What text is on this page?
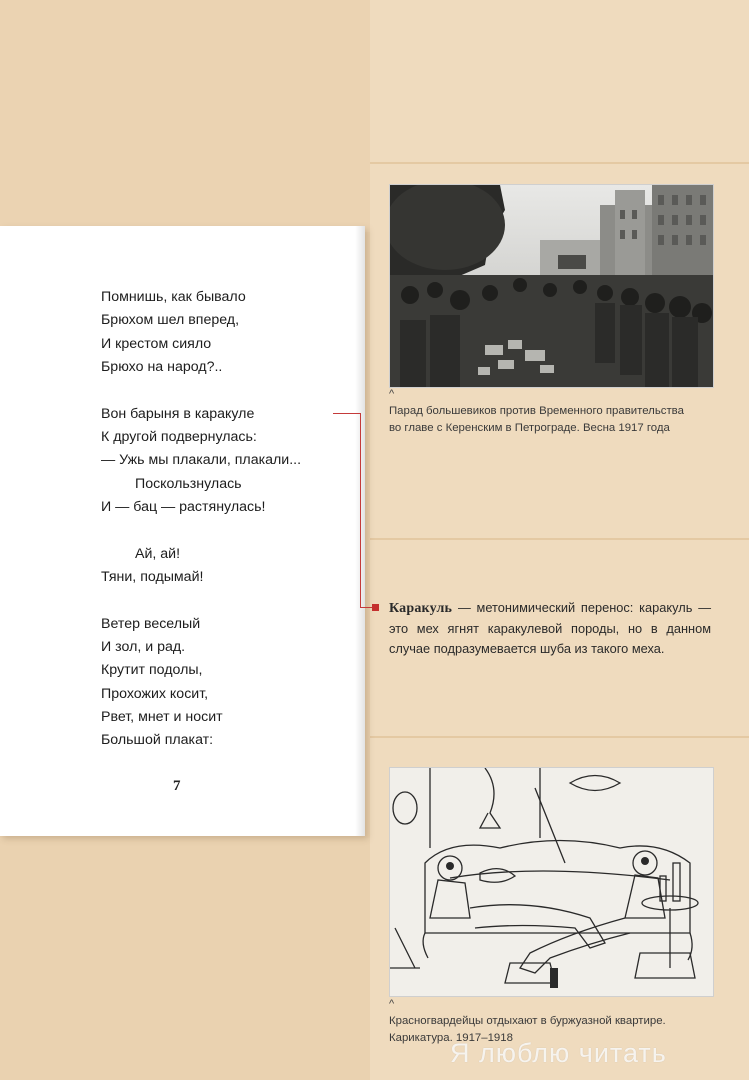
Помнишь, как бывало
Брюхом шел вперед,
И крестом сияло
Брюхо на народ?..
Вон барыня в каракуле
К другой подвернулась:
— Ужь мы плакали, плакали...
Поскользнулась
И — бац — растянулась!
Ай, ай!
Тяни, подымай!
Ветер веселый
И зол, и рад.
Крутит подолы,
Прохожих косит,
Рвет, мнет и носит
Большой плакат:
7
^
Парад большевиков против Временного правительства
во главе с Керенским в Петрограде. Весна 1917 года
Каракуль — метонимический перенос: каракуль — это мех ягнят каракулевой породы, но в данном случае подразумевается шуба из такого меха.
^
Красногвардейцы отдыхают в буржуазной квартире.
Карикатура. 1917–1918
Я люблю читать
